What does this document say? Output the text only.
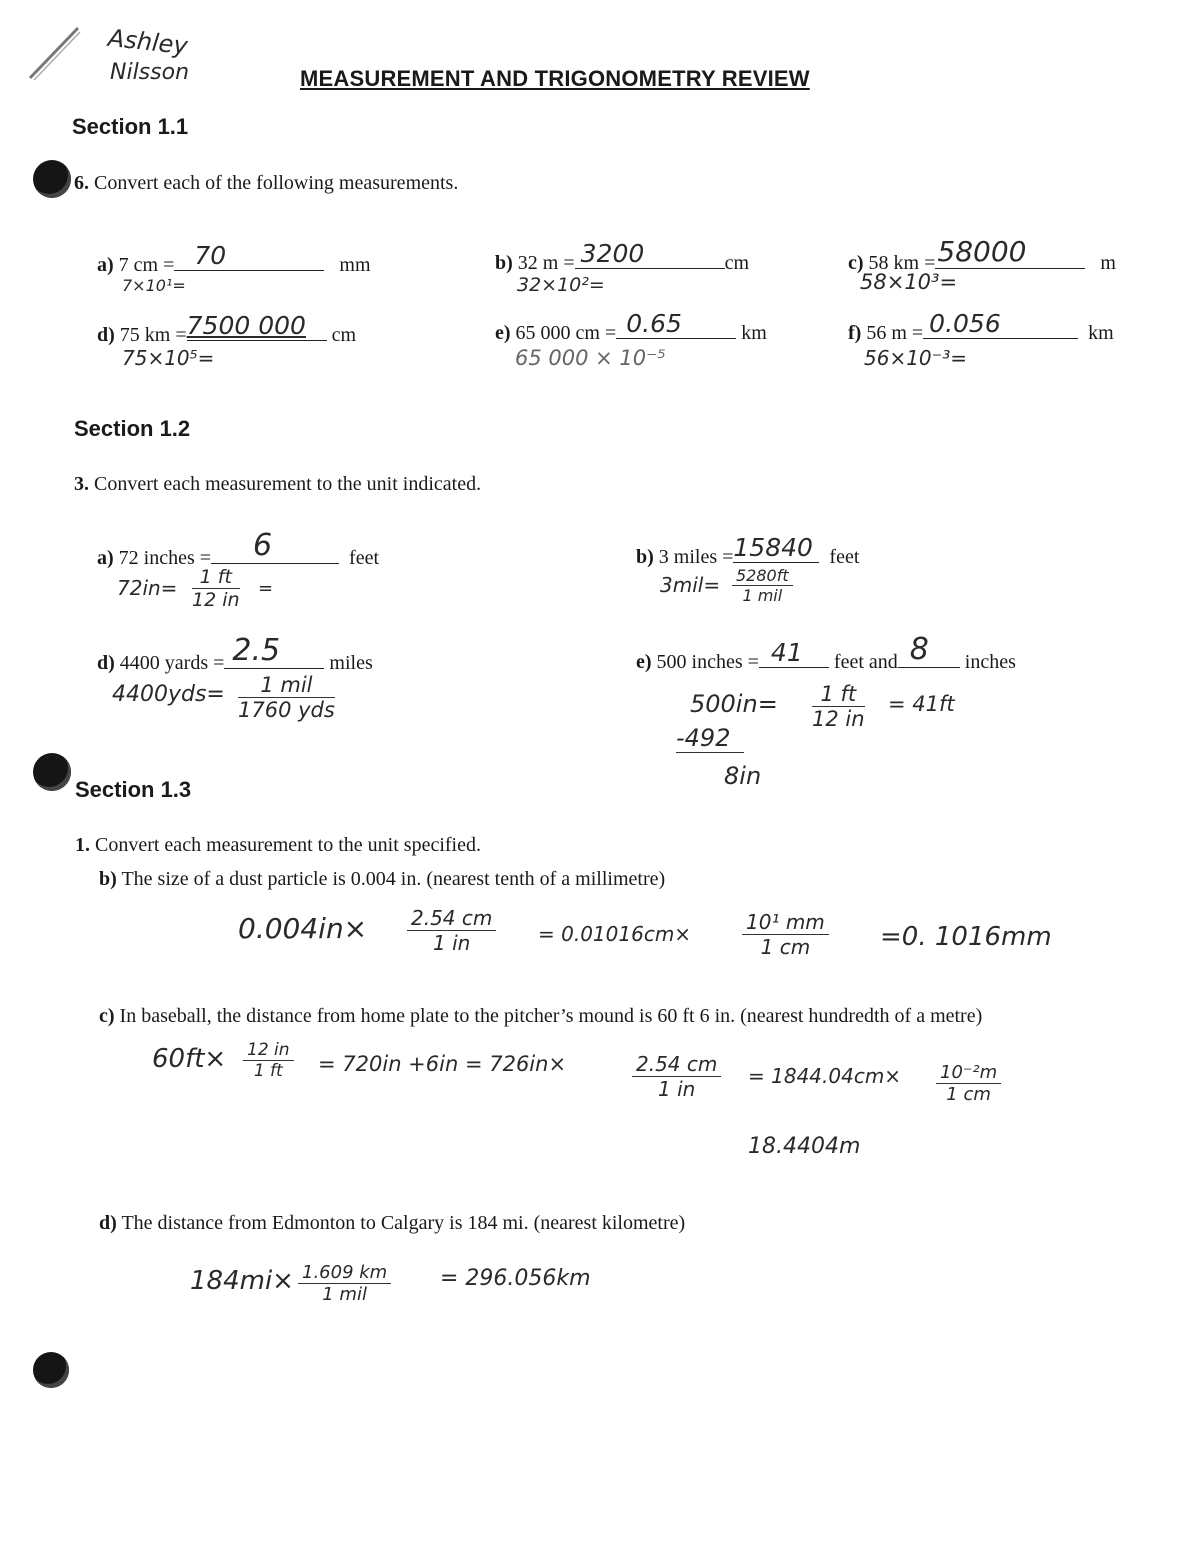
Ashley
Nilsson	MEASUREMENT AND TRIGONOMETRY REVIEW
Section 1.1
6. Convert each of the following measurements.
a) 7 cm = 70	mm
7×10¹=
b) 32 m = 3200	cm
32×10²=
c) 58 km = 58000	m
58×10³=
d) 75 km = 7500 000 cm
75×10⁵=
e) 65 000 cm = 0.65	km
65 000 × 10⁻⁵
f) 56 m = 0.056	km
56×10⁻³=
Section 1.2
3. Convert each measurement to the unit indicated.
a) 72 inches = 6	feet
$72in= \frac{1 ft}{12 in}$ =
b) 3 miles = 15840 feet
3mil= 5280ft
1 mil
d) 4400 yards = 2.5 miles
4400yds=	1 mil
1760 yds
e) 500 inches = 41 feet and 8 inches
$500in= \frac{1 ft}{12 in} = 41ft$
-492
8in
Section 1.3
1. Convert each measurement to the unit specified.
b) The size of a dust particle is 0.004 in. (nearest tenth of a millimetre)
$0.004in\times \frac{2.54 cm}{1 in} = 0.01016cm\times$	$\frac{\text{10¹ mm}}{1 cm} =0$. 1016mm
c) In baseball, the distance from home plate to the pitcher’s mound is 60 ft 6 in. (nearest hundredth of a metre)
$60ft\times \frac{12 in}{1 ft} = 720in +6in = 726in\times$	$\frac{2.54 cm}{1 in} = 1844.04cm\times \frac{\text{10⁻²m}}{1 cm}$
18.4404m
d) The distance from Edmonton to Calgary is 184 mi. (nearest kilometre)
184mi× 1.609 km
1 mil
= 296.056km
